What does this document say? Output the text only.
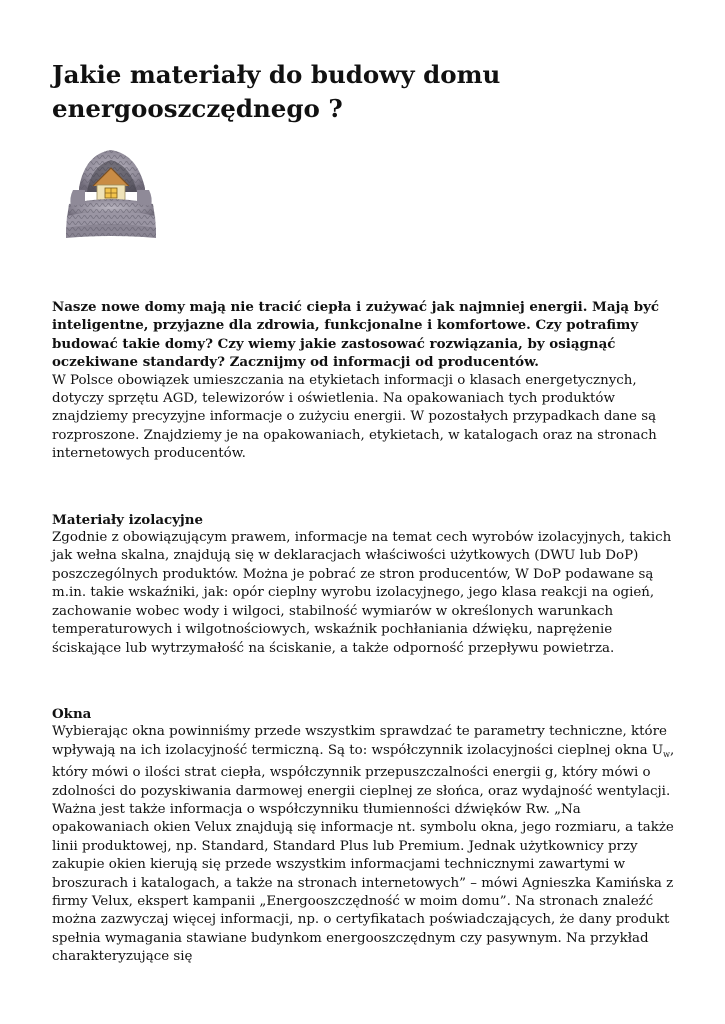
Jakie materiały do budowy domu energooszczędnego ?

Nasze nowe domy mają nie tracić ciepła i zużywać jak najmniej energii. Mają być inteligentne, przyjazne dla zdrowia, funkcjonalne i komfortowe. Czy potrafimy budować takie domy? Czy wiemy jakie zastosować rozwiązania, by osiągnąć oczekiwane standardy? Zacznijmy od informacji od producentów.

W Polsce obowiązek umieszczania na etykietach informacji o klasach energetycznych, dotyczy sprzętu AGD, telewizorów i oświetlenia. Na opakowaniach tych produktów znajdziemy precyzyjne informacje o zużyciu energii. W pozostałych przypadkach dane są rozproszone. Znajdziemy je na opakowaniach, etykietach, w katalogach oraz na stronach internetowych producentów.

Materiały izolacyjne

Zgodnie z obowiązującym prawem, informacje na temat cech wyrobów izolacyjnych, takich jak wełna skalna, znajdują się w deklaracjach właściwości użytkowych (DWU lub DoP) poszczególnych produktów. Można je pobrać ze stron producentów, W DoP podawane są m.in. takie wskaźniki, jak: opór cieplny wyrobu izolacyjnego, jego klasa reakcji na ogień, zachowanie wobec wody i wilgoci, stabilność wymiarów w określonych warunkach temperaturowych i wilgotnościowych, wskaźnik pochłaniania dźwięku, naprężenie ściskające lub wytrzymałość na ściskanie, a także odporność przepływu powietrza.

Okna

Wybierając okna powinniśmy przede wszystkim sprawdzać te parametry techniczne, które wpływają na ich izolacyjność termiczną. Są to: współczynnik izolacyjności cieplnej okna $U_w$, który mówi o ilości strat ciepła, współczynnik przepuszczalności energii g, który mówi o zdolności do pozyskiwania darmowej energii cieplnej ze słońca, oraz wydajność wentylacji. Ważna jest także informacja o współczynniku tłumienności dźwięków Rw. „Na opakowaniach okien Velux znajdują się informacje nt. symbolu okna, jego rozmiaru, a także linii produktowej, np. Standard, Standard Plus lub Premium. Jednak użytkownicy przy zakupie okien kierują się przede wszystkim informacjami technicznymi zawartymi w broszurach i katalogach, a także na stronach internetowych” – mówi Agnieszka Kamińska z firmy Velux, ekspert kampanii „Energooszczędność w moim domu”. Na stronach znaleźć można zazwyczaj więcej informacji, np. o certyfikatach poświadczających, że dany produkt spełnia wymagania stawiane budynkom energooszczędnym czy pasywnym. Na przykład charakteryzujące się
